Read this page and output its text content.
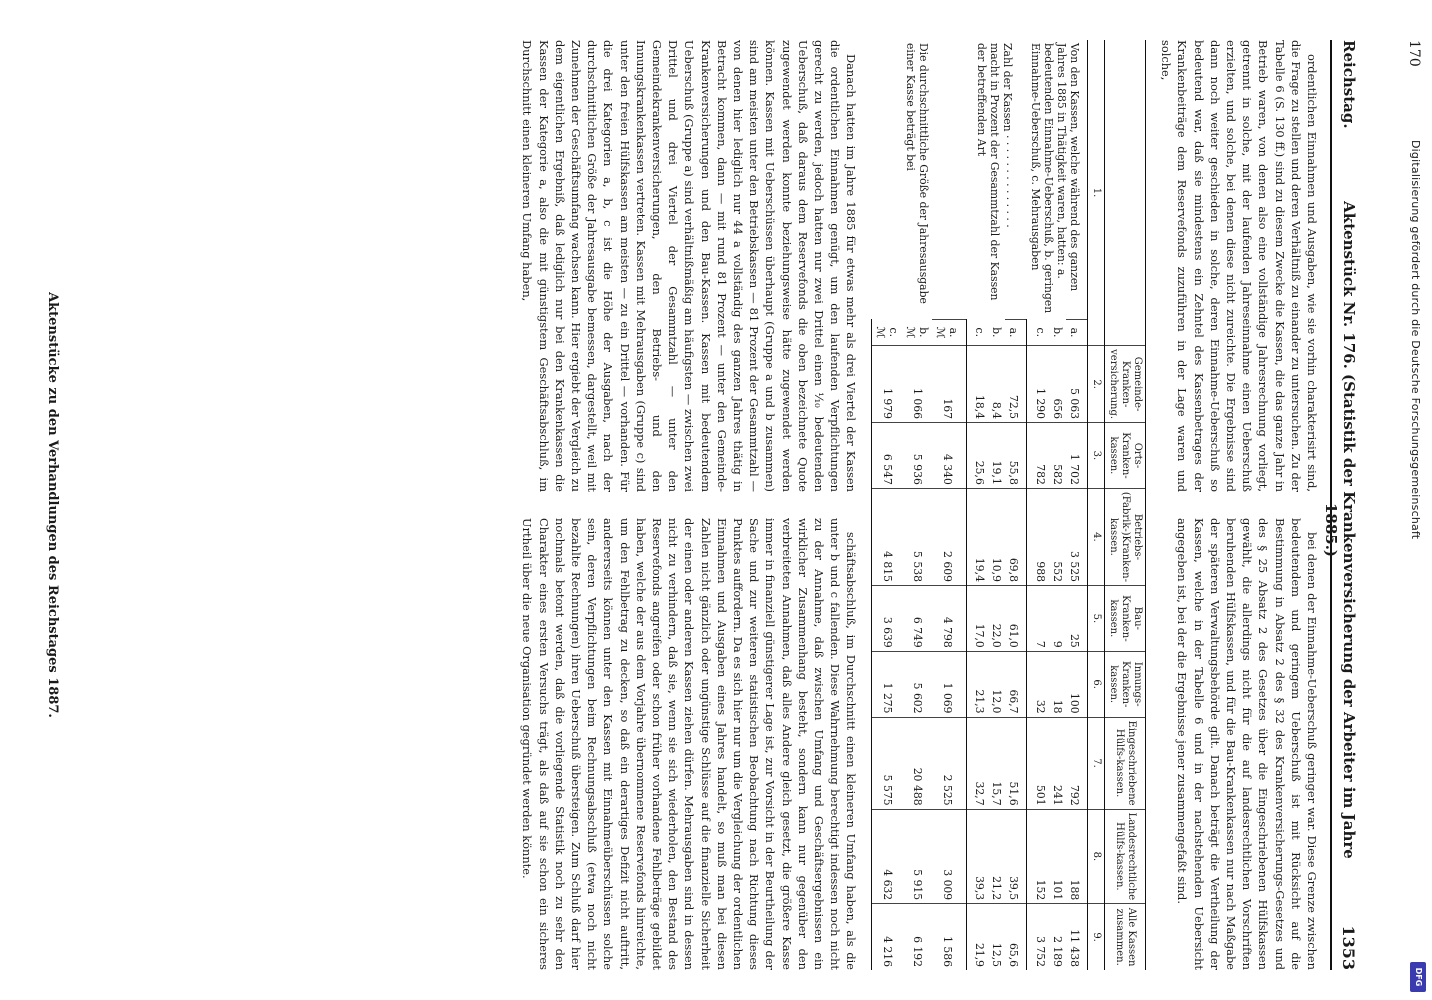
170
Digitalisierung gefördert durch die Deutsche Forschungsgemeinschaft
DFG
Reichstag.
Aktenstück Nr. 176. (Statistik der Krankenversicherung der Arbeiter im Jahre 1885.)
1353

ordentlichen Einnahmen und Ausgaben, wie sie vorhin charakterisirt sind, die Frage zu stellen und deren Verhältniß zu einander zu untersuchen. Zu der Tabelle 6 (S. 130 ff.) sind zu diesem Zwecke die Kassen, die das ganze Jahr in Betrieb waren, von denen also eine vollständige Jahresrechnung vorliegt, getrennt in solche, mit der laufenden Jahreseinnahme einen Ueberschuß erzielten, und solche, bei denen diese nicht zureichte. Die Ergebnisse sind dann noch weiter geschieden in solche, deren Einnahme-Ueberschuß so bedeutend war, daß sie mindestens ein Zehntel des Kassenbetrages der Krankenbeiträge dem Reservefonds zuzuführen in der Lage waren und solche,

bei denen der Einnahme-Ueberschuß geringer war. Diese Grenze zwischen bedeutendem und geringem Ueberschuß ist mit Rücksicht auf die Bestimmung in Absatz 2 des § 32 des Krankenversicherungs-Gesetzes und des § 25 Absatz 2 des Gesetzes über die Eingeschriebenen Hülfskassen gewählt, die allerdings nicht für die auf landesrechtlichen Vorschriften beruhenden Hülfskassen, und für die Bau-Krankenkassen nur nach Maßgabe der späteren Verwaltungsbehörde gilt. Danach beträgt die Vertheilung der Kassen, welche in der Tabelle 6 und in der nachstehenden Uebersicht angegeben ist, bei der die Ergebnisse jener zusammengefaßt sind.

		Gemeinde-Kranken-versicherung.	Orts-Kranken-kassen.	Betriebs-(Fabrik-)Kranken-kassen.	Bau-Kranken-kassen.	Innungs-Kranken-kassen.	Eingeschriebene Hülfs-kassen.	Landesrechtliche Hülfs-kassen.	Alle Kassen zusammen.
1.		2.	3.	4.	5.	6.	7.	8.	9.
Von den Kassen, welche während des ganzen Jahres 1885 in Thätigkeit waren, hatten: a. bedeutenden Einnahme-Ueberschuß, b. geringen Einnahme-Ueberschuß, c. Mehrausgaben	a.	5 063	1 702	3 525	25	100	792	188	11 438
	b.	656	582	552	9	18	241	101	2 189
	c.	1 290	782	988	7	32	501	152	3 752

Zahl der Kassen · · · · · · · · · · · · · ·
macht in Prozent der Gesammtzahl der Kassen der betreffenden Art	a.	72,5	55,8	69,8	61,0	66,7	51,6	39,5	65,6
	b.	8,4	19,1	10,9	22,0	12,0	15,7	21,2	12,5
	c.	18,4	25,6	19,4	17,0	21,3	32,7	39,3	21,9
Die durchschnittliche Größe der Jahresausgabe einer Kasse beträgt bei	a. ℳ	167	4 340	2 609	4 798	1 069	2 525	3 009	1 586
	b. ℳ	1 066	5 936	5 538	6 749	5 602	20 488	5 915	6 192
	c. ℳ	1 979	6 547	4 815	3 639	1 275	5 575	4 632	4 216

Danach hatten im Jahre 1885 für etwas mehr als drei Viertel der Kassen die ordentlichen Einnahmen genügt, um den laufenden Verpflichtungen gerecht zu werden, jedoch hatten nur zwei Drittel einen ⅒ bedeutenden Ueberschuß, daß daraus dem Reservefonds die oben bezeichnete Quote zugewendet werden konnte beziehungsweise hätte zugewendet werden können. Kassen mit Ueberschüssen überhaupt (Gruppe a und b zusammen) sind am meisten unter den Betriebskassen — 81 Prozent der Gesammtzahl — von denen hier lediglich nur 44 a vollständig des ganzen Jahres thätig in Betracht kommen, dann — mit rund 81 Prozent — unter den Gemeinde-Krankenversicherungen und den Bau-Kassen. Kassen mit bedeutendem Ueberschuß (Gruppe a) sind verhältnißmäßig am häufigsten — zwischen zwei Drittel und drei Viertel der Gesammtzahl — unter den Gemeindekrankenversicherungen, den Betriebs- und den Innungskrankenkassen vertreten. Kassen mit Mehrausgaben (Gruppe c) sind unter den freien Hülfskassen am meisten — zu ein Drittel — vorhanden. Für die drei Kategorien a, b, c ist die Höhe der Ausgaben, nach der durchschnittlichen Größe der Jahresausgabe bemessen, dargestellt, weil mit Zunehmen der Geschäftsumfang wachsen kann. Hier ergiebt der Vergleich zu dem eigentlichen Ergebniß, daß lediglich nur bei den Krankenkassen die Kassen der Kategorie a, also die mit günstigstem Geschäftsabschluß, im Durchschnitt einen kleineren Umfang haben,

schäftsabschluß, im Durchschnitt einen kleineren Umfang haben, als die unter b und c fallenden. Diese Wahrnehmung berechtigt indessen noch nicht zu der Annahme, daß zwischen Umfang und Geschäftsergebnissen ein wirklicher Zusammenhang besteht, sondern kann nur gegenüber den verbreiteten Annahmen, daß alles Andere gleich gesetzt, die größere Kasse immer in finanziell günstigerer Lage ist, zur Vorsicht in der Beurtheilung der Sache und zur weiteren statistischen Beobachtung nach Richtung dieses Punktes auffordern. Da es sich hier nur um die Vergleichung der ordentlichen Einnahmen und Ausgaben eines Jahres handelt, so muß man bei diesen Zahlen nicht gänzlich oder ungünstige Schlüsse auf die finanzielle Sicherheit der einen oder anderen Kassen ziehen dürfen. Mehrausgaben sind in dessen nicht zu verhindern, daß sie, wenn sie sich wiederholen, den Bestand des Reservefonds angreifen oder schon früher vorhandene Fehlbeträge gebildet haben, welche der aus dem Vorjahre übernommene Reservefonds hinreichte, um den Fehlbetrag zu decken, so daß ein derartiges Defizit nicht auftritt, andererseits können unter den Kassen mit Einnahmeüberschüssen solche sein, deren Verpflichtungen beim Rechnungsabschluß (etwa noch nicht bezahlte Rechnungen) ihren Ueberschuß übersteigen. Zum Schluß darf hier nochmals betont werden, daß die vorliegende Statistik noch zu sehr den Charakter eines ersten Versuchs trägt, als daß auf sie schon ein sicheres Urtheil über die neue Organisation gegründet werden könnte.

Aktenstücke zu den Verhandlungen des Reichstages 1887.
